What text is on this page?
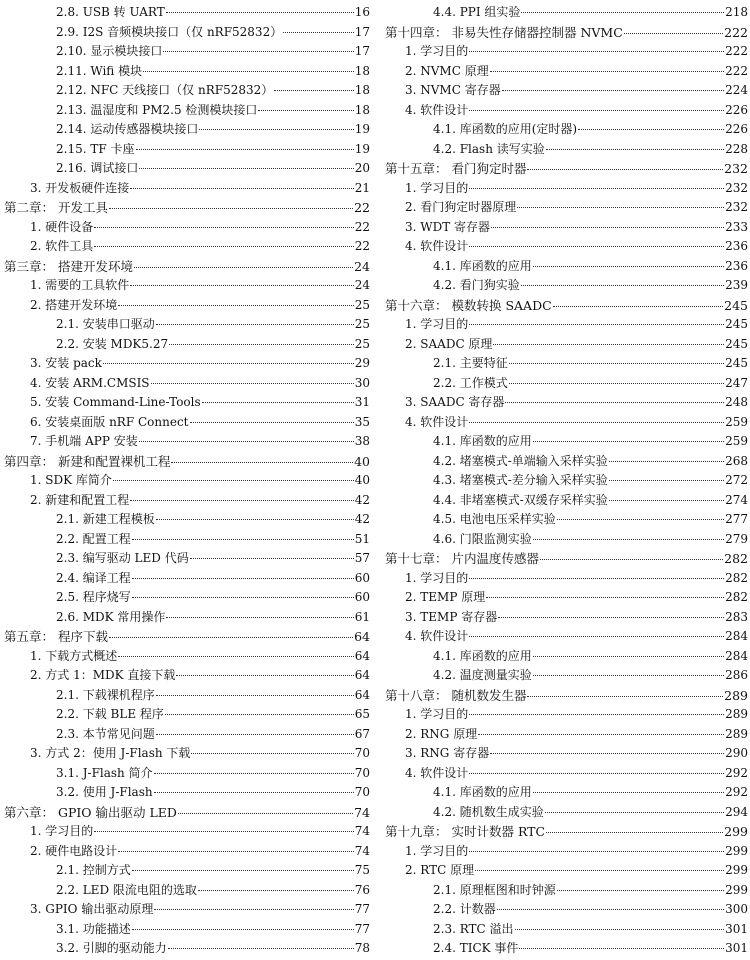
2.8. USB 转 UART	16
2.9. I2S 音频模块接口（仅 nRF52832）	17
2.10. 显示模块接口	17
2.11. Wifi 模块	18
2.12. NFC 天线接口（仅 nRF52832）	18
2.13. 温湿度和 PM2.5 检测模块接口	18
2.14. 运动传感器模块接口	19
2.15. TF 卡座	19
2.16. 调试接口	20
3. 开发板硬件连接	21
第二章： 开发工具	22
1. 硬件设备	22
2. 软件工具	22
第三章： 搭建开发环境	24
1. 需要的工具软件	24
2. 搭建开发环境	25
2.1. 安装串口驱动	25
2.2. 安装 MDK5.27	25
3. 安装 pack	29
4. 安装 ARM.CMSIS	30
5. 安装 Command-Line-Tools	31
6. 安装桌面版 nRF Connect	35
7. 手机端 APP 安装	38
第四章： 新建和配置裸机工程	40
1. SDK 库简介	40
2. 新建和配置工程	42
2.1. 新建工程模板	42
2.2. 配置工程	51
2.3. 编写驱动 LED 代码	57
2.4. 编译工程	60
2.5. 程序烧写	60
2.6. MDK 常用操作	61
第五章： 程序下载	64
1. 下载方式概述	64
2. 方式 1：MDK 直接下载	64
2.1. 下载裸机程序	64
2.2. 下载 BLE 程序	65
2.3. 本节常见问题	67
3. 方式 2：使用 J-Flash 下载	70
3.1. J-Flash 简介	70
3.2. 使用 J-Flash	70
第六章： GPIO 输出驱动 LED	74
1. 学习目的	74
2. 硬件电路设计	74
2.1. 控制方式	75
2.2. LED 限流电阻的选取	76
3. GPIO 输出驱动原理	77
3.1. 功能描述	77
3.2. 引脚的驱动能力	78
4.4. PPI 组实验	218
第十四章： 非易失性存储器控制器 NVMC	222
1. 学习目的	222
2. NVMC 原理	222
3. NVMC 寄存器	224
4. 软件设计	226
4.1. 库函数的应用(定时器)	226
4.2. Flash 读写实验	228
第十五章： 看门狗定时器	232
1. 学习目的	232
2. 看门狗定时器原理	232
3. WDT 寄存器	233
4. 软件设计	236
4.1. 库函数的应用	236
4.2. 看门狗实验	239
第十六章： 模数转换 SAADC	245
1. 学习目的	245
2. SAADC 原理	245
2.1. 主要特征	245
2.2. 工作模式	247
3. SAADC 寄存器	248
4. 软件设计	259
4.1. 库函数的应用	259
4.2. 堵塞模式-单端输入采样实验	268
4.3. 堵塞模式-差分输入采样实验	272
4.4. 非堵塞模式-双缓存采样实验	274
4.5. 电池电压采样实验	277
4.6. 门限监测实验	279
第十七章： 片内温度传感器	282
1. 学习目的	282
2. TEMP 原理	282
3. TEMP 寄存器	283
4. 软件设计	284
4.1. 库函数的应用	284
4.2. 温度测量实验	286
第十八章： 随机数发生器	289
1. 学习目的	289
2. RNG 原理	289
3. RNG 寄存器	290
4. 软件设计	292
4.1. 库函数的应用	292
4.2. 随机数生成实验	294
第十九章： 实时计数器 RTC	299
1. 学习目的	299
2. RTC 原理	299
2.1. 原理框图和时钟源	299
2.2. 计数器	300
2.3. RTC 溢出	301
2.4. TICK 事件	301
